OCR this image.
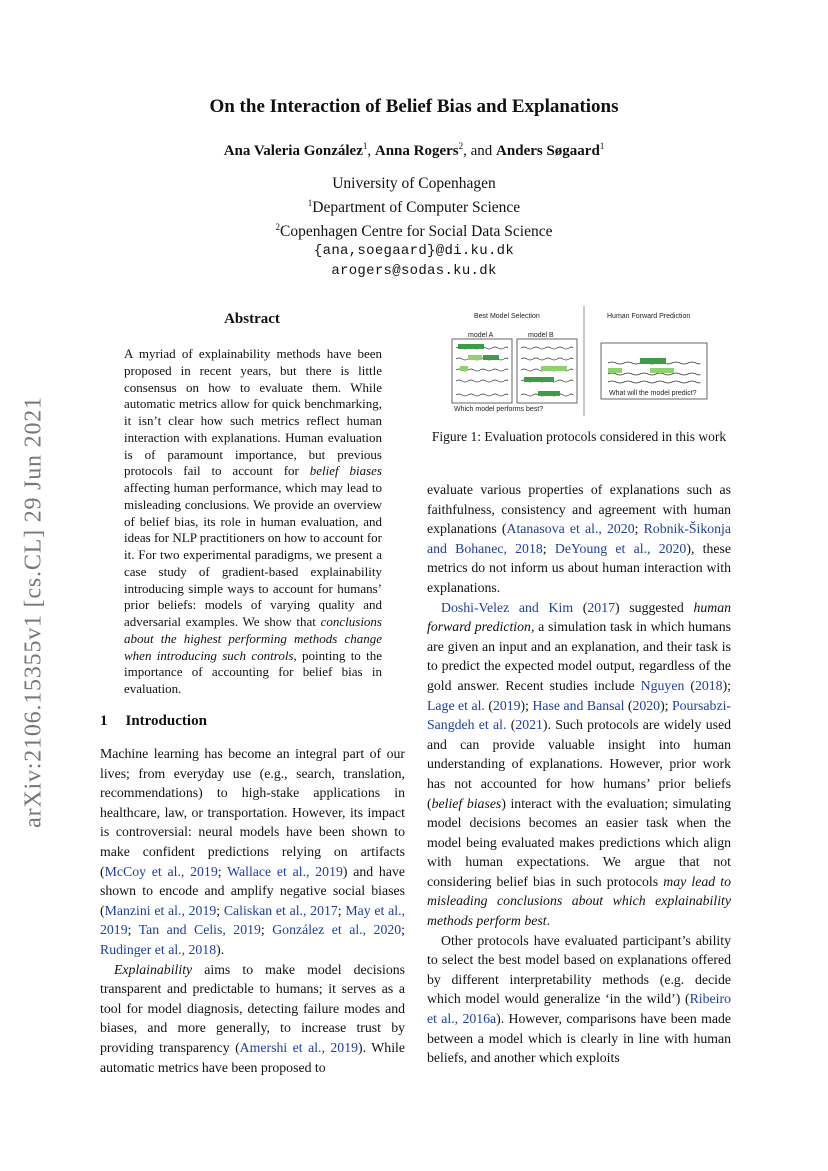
On the Interaction of Belief Bias and Explanations
Ana Valeria González$^1$, Anna Rogers$^2$, and Anders Søgaard$^1$
University of Copenhagen
$^1$Department of Computer Science
$^2$Copenhagen Centre for Social Data Science
{ana,soegaard}@di.ku.dk
arogers@sodas.ku.dk
arXiv:2106.15355v1 [cs.CL] 29 Jun 2021
Abstract

A myriad of explainability methods have been proposed in recent years, but there is little consensus on how to evaluate them. While automatic metrics allow for quick benchmarking, it isn’t clear how such metrics reflect human interaction with explanations. Human evaluation is of paramount importance, but previous protocols fail to account for belief biases affecting human performance, which may lead to misleading conclusions. We provide an overview of belief bias, its role in human evaluation, and ideas for NLP practitioners on how to account for it. For two experimental paradigms, we present a case study of gradient-based explainability introducing simple ways to account for humans’ prior beliefs: models of varying quality and adversarial examples. We show that conclusions about the highest performing methods change when introducing such controls, pointing to the importance of accounting for belief bias in evaluation.

1 Introduction

Machine learning has become an integral part of our lives; from everyday use (e.g., search, translation, recommendations) to high-stake applications in healthcare, law, or transportation. However, its impact is controversial: neural models have been shown to make confident predictions relying on artifacts (McCoy et al., 2019; Wallace et al., 2019) and have shown to encode and amplify negative social biases (Manzini et al., 2019; Caliskan et al., 2017; May et al., 2019; Tan and Celis, 2019; González et al., 2020; Rudinger et al., 2018).

Explainability aims to make model decisions transparent and predictable to humans; it serves as a tool for model diagnosis, detecting failure modes and biases, and more generally, to increase trust by providing transparency (Amershi et al., 2019). While automatic metrics have been proposed to

Best Model Selection
model A	model B
Which model performs best?
Human Forward Prediction
What will the model predict?
Figure 1: Evaluation protocols considered in this work

evaluate various properties of explanations such as faithfulness, consistency and agreement with human explanations (Atanasova et al., 2020; Robnik-Šikonja and Bohanec, 2018; DeYoung et al., 2020), these metrics do not inform us about human interaction with explanations.

Doshi-Velez and Kim (2017) suggested human forward prediction, a simulation task in which humans are given an input and an explanation, and their task is to predict the expected model output, regardless of the gold answer. Recent studies include Nguyen (2018); Lage et al. (2019); Hase and Bansal (2020); Poursabzi-Sangdeh et al. (2021). Such protocols are widely used and can provide valuable insight into human understanding of explanations. However, prior work has not accounted for how humans’ prior beliefs (belief biases) interact with the evaluation; simulating model decisions becomes an easier task when the model being evaluated makes predictions which align with human expectations. We argue that not considering belief bias in such protocols may lead to misleading conclusions about which explainability methods perform best.

Other protocols have evaluated participant’s ability to select the best model based on explanations offered by different interpretability methods (e.g. decide which model would generalize ‘in the wild’) (Ribeiro et al., 2016a). However, comparisons have been made between a model which is clearly in line with human beliefs, and another which exploits
